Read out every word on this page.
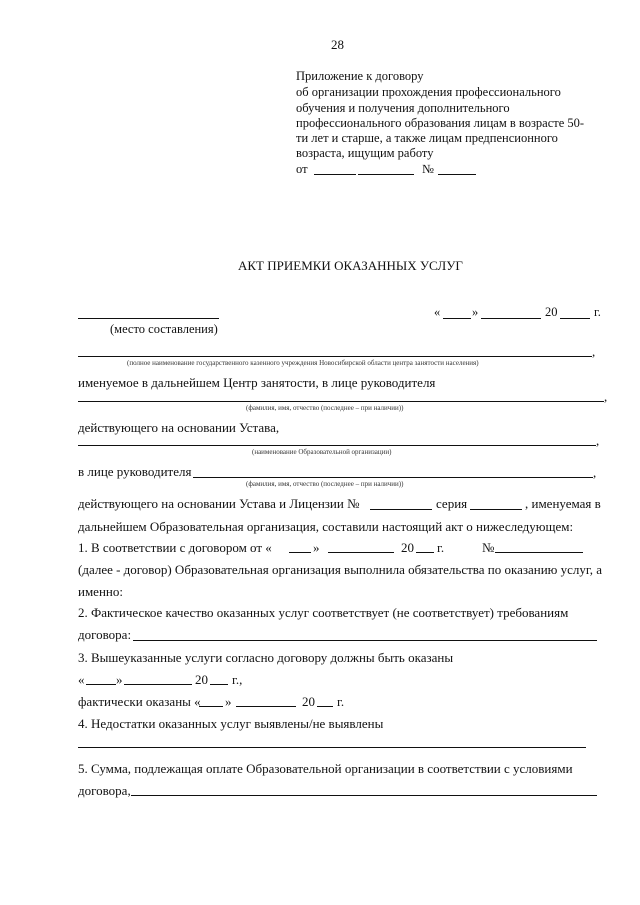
28
Приложение к договору
об организации прохождения профессионального
обучения и получения дополнительного
профессионального образования лицам в возрасте 50-
ти лет и старше, а также лицам предпенсионного
возраста, ищущим работу
от	№
АКТ ПРИЕМКИ ОКАЗАННЫХ УСЛУГ
(место составления)
«	»	20	г.
,
(полное наименование государственного казенного учреждения Новосибирской области центра занятости населения)
именуемое в дальнейшем Центр занятости, в лице руководителя
,
(фамилия, имя, отчество (последнее – при наличии))
действующего на основании Устава,
,
(наименование Образовательной организации)
в лице руководителя	,
(фамилия, имя, отчество (последнее – при наличии))
действующего на основании Устава и Лицензии №	серия	, именуемая в
дальнейшем Образовательная организация, составили настоящий акт о нижеследующем:
1. В соответствии с договором от «	»	20 г.	№
(далее - договор) Образовательная организация выполнила обязательства по оказанию услуг, а
именно:
2. Фактическое качество оказанных услуг соответствует (не соответствует) требованиям
договора:
3. Вышеуказанные услуги согласно договору должны быть оказаны
« »	20 г.,
фактически оказаны « »	20 г.
4. Недостатки оказанных услуг выявлены/не выявлены
5. Сумма, подлежащая оплате Образовательной организации в соответствии с условиями
договора,
